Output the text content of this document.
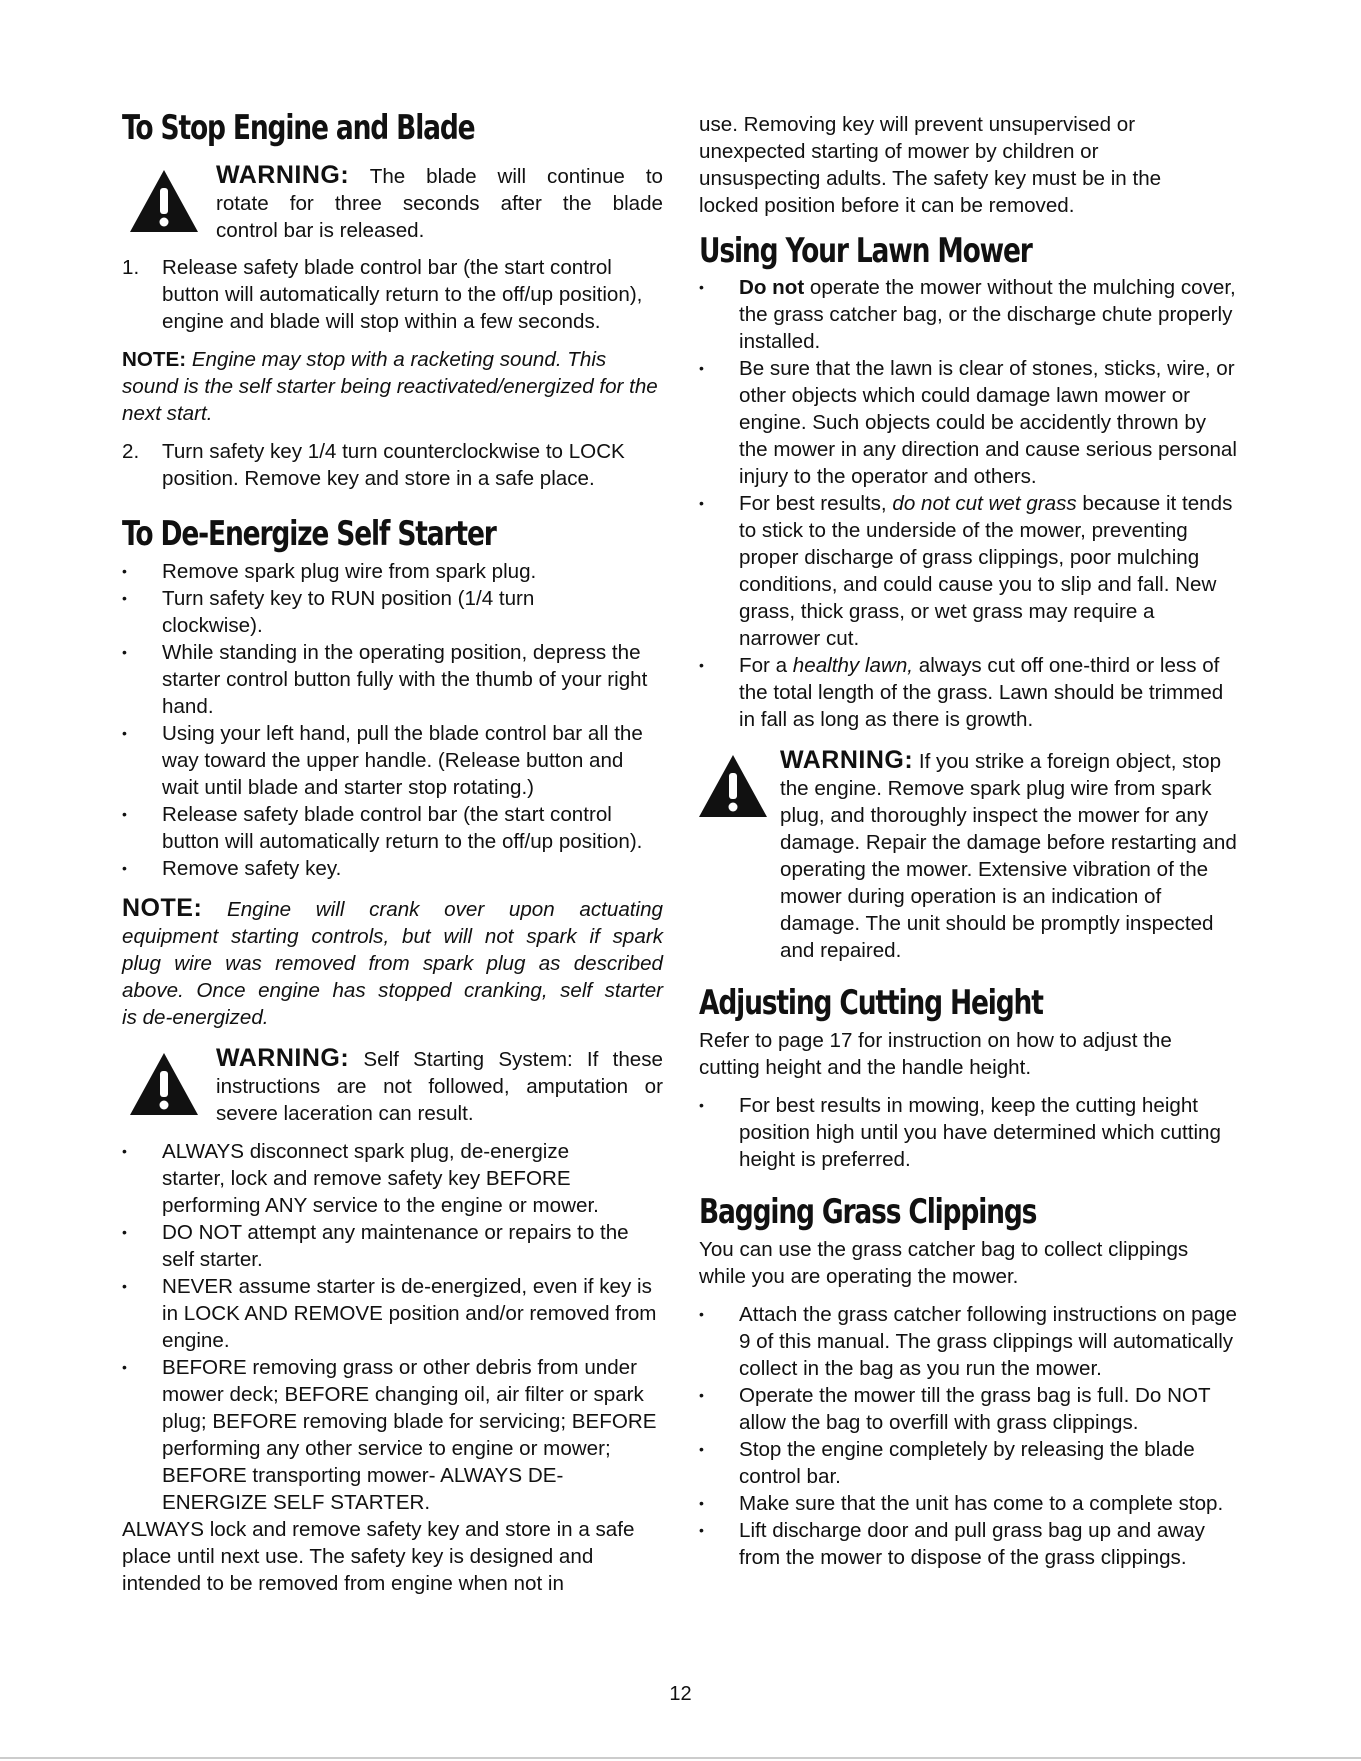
To Stop Engine and Blade

WARNING: The blade will continue to

rotate for three seconds after the blade

control bar is released.

1.	Release safety blade control bar (the start control button will automatically return to the off/up position), engine and blade will stop within a few seconds.

NOTE: Engine may stop with a racketing sound. This sound is the self starter being reactivated/energized for the next start.

2.	Turn safety key 1/4 turn counterclockwise to LOCK position. Remove key and store in a safe place.
To De-Energize Self Starter
•	Remove spark plug wire from spark plug.
•	Turn safety key to RUN position (1/4 turn clockwise).
•	While standing in the operating position, depress the starter control button fully with the thumb of your right hand.
•	Using your left hand, pull the blade control bar all the way toward the upper handle. (Release button and wait until blade and starter stop rotating.)
•	Release safety blade control bar (the start control button will automatically return to the off/up position).
•	Remove safety key.

NOTE: Engine will crank over upon actuating

equipment starting controls, but will not spark if spark

plug wire was removed from spark plug as described

above. Once engine has stopped cranking, self starter

is de-energized.

WARNING: Self Starting System: If these

instructions are not followed, amputation or

severe laceration can result.

•	ALWAYS disconnect spark plug, de-energize starter, lock and remove safety key BEFORE performing ANY service to the engine or mower.
•	DO NOT attempt any maintenance or repairs to the self starter.
•	NEVER assume starter is de-energized, even if key is in LOCK AND REMOVE position and/or removed from engine.
•	BEFORE removing grass or other debris from under mower deck; BEFORE changing oil, air filter or spark plug; BEFORE removing blade for servicing; BEFORE performing any other service to engine or mower; BEFORE transporting mower- ALWAYS DE-ENERGIZE SELF STARTER.

ALWAYS lock and remove safety key and store in a safe place until next use. The safety key is designed and intended to be removed from engine when not in

use. Removing key will prevent unsupervised or unexpected starting of mower by children or unsuspecting adults. The safety key must be in the locked position before it can be removed.

Using Your Lawn Mower
•	Do not operate the mower without the mulching cover, the grass catcher bag, or the discharge chute properly installed.
•	Be sure that the lawn is clear of stones, sticks, wire, or other objects which could damage lawn mower or engine. Such objects could be accidently thrown by the mower in any direction and cause serious personal injury to the operator and others.
•	For best results, do not cut wet grass because it tends to stick to the underside of the mower, preventing proper discharge of grass clippings, poor mulching conditions, and could cause you to slip and fall. New grass, thick grass, or wet grass may require a narrower cut.
•	For a healthy lawn, always cut off one-third or less of the total length of the grass. Lawn should be trimmed in fall as long as there is growth.

WARNING: If you strike a foreign object, stop the engine. Remove spark plug wire from spark plug, and thoroughly inspect the mower for any damage. Repair the damage before restarting and operating the mower. Extensive vibration of the mower during operation is an indication of damage. The unit should be promptly inspected and repaired.

Adjusting Cutting Height

Refer to page 17 for instruction on how to adjust the cutting height and the handle height.

•	For best results in mowing, keep the cutting height position high until you have determined which cutting height is preferred.
Bagging Grass Clippings

You can use the grass catcher bag to collect clippings while you are operating the mower.

•	Attach the grass catcher following instructions on page 9 of this manual. The grass clippings will automatically collect in the bag as you run the mower.
•	Operate the mower till the grass bag is full. Do NOT allow the bag to overfill with grass clippings.
•	Stop the engine completely by releasing the blade control bar.
•	Make sure that the unit has come to a complete stop.
•	Lift discharge door and pull grass bag up and away from the mower to dispose of the grass clippings.
12
